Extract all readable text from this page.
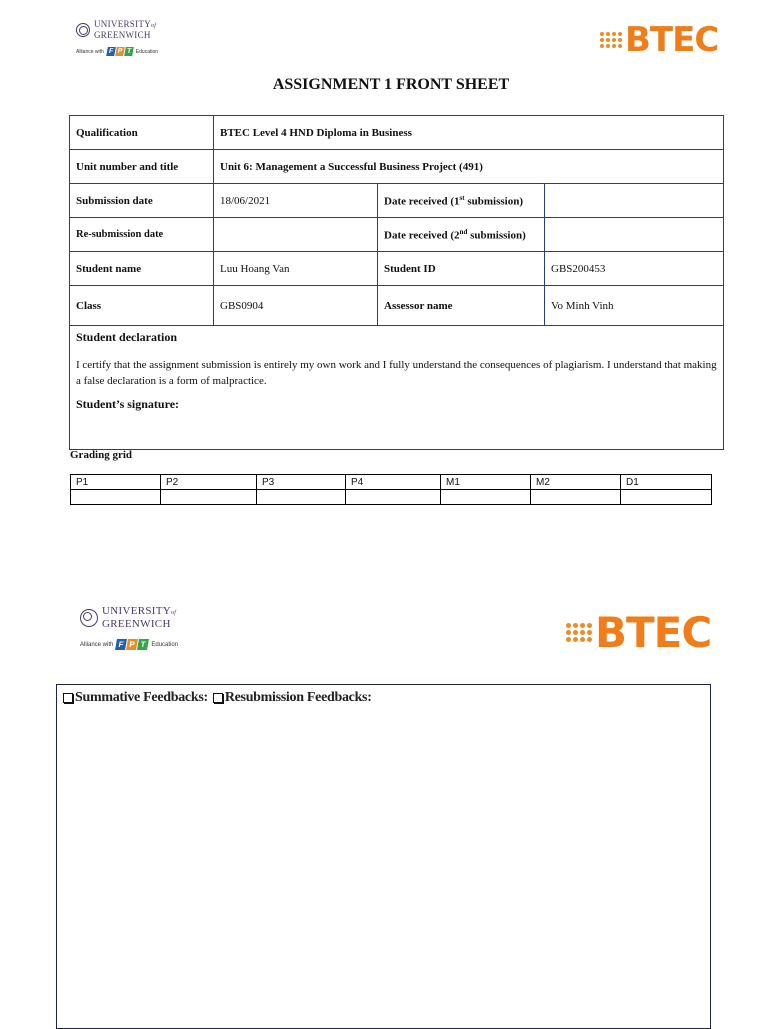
UNIVERSITYof
GREENWICH
Alliance with F P T Education	BTEC
ASSIGNMENT 1 FRONT SHEET
Qualification	BTEC Level 4 HND Diploma in Business		
Unit number and title	Unit 6: Management a Successful Business Project (491)		
Submission date	18/06/2021	Date received (1st submission)	
Re-submission date		Date received (2nd submission)	
Student name	Luu Hoang Van	Student ID	GBS200453
Class	GBS0904	Assessor name	Vo Minh Vinh

Student declaration
I certify that the assignment submission is entirely my own work and I fully understand the consequences of plagiarism. I understand that making a false declaration is a form of malpractice.
Student’s signature:			
Grading grid
P1	P2	P3	P4	M1	M2	D1

UNIVERSITYof
GREENWICH
Alliance with F P T Education	BTEC
Summative Feedbacks: Resubmission Feedbacks:
